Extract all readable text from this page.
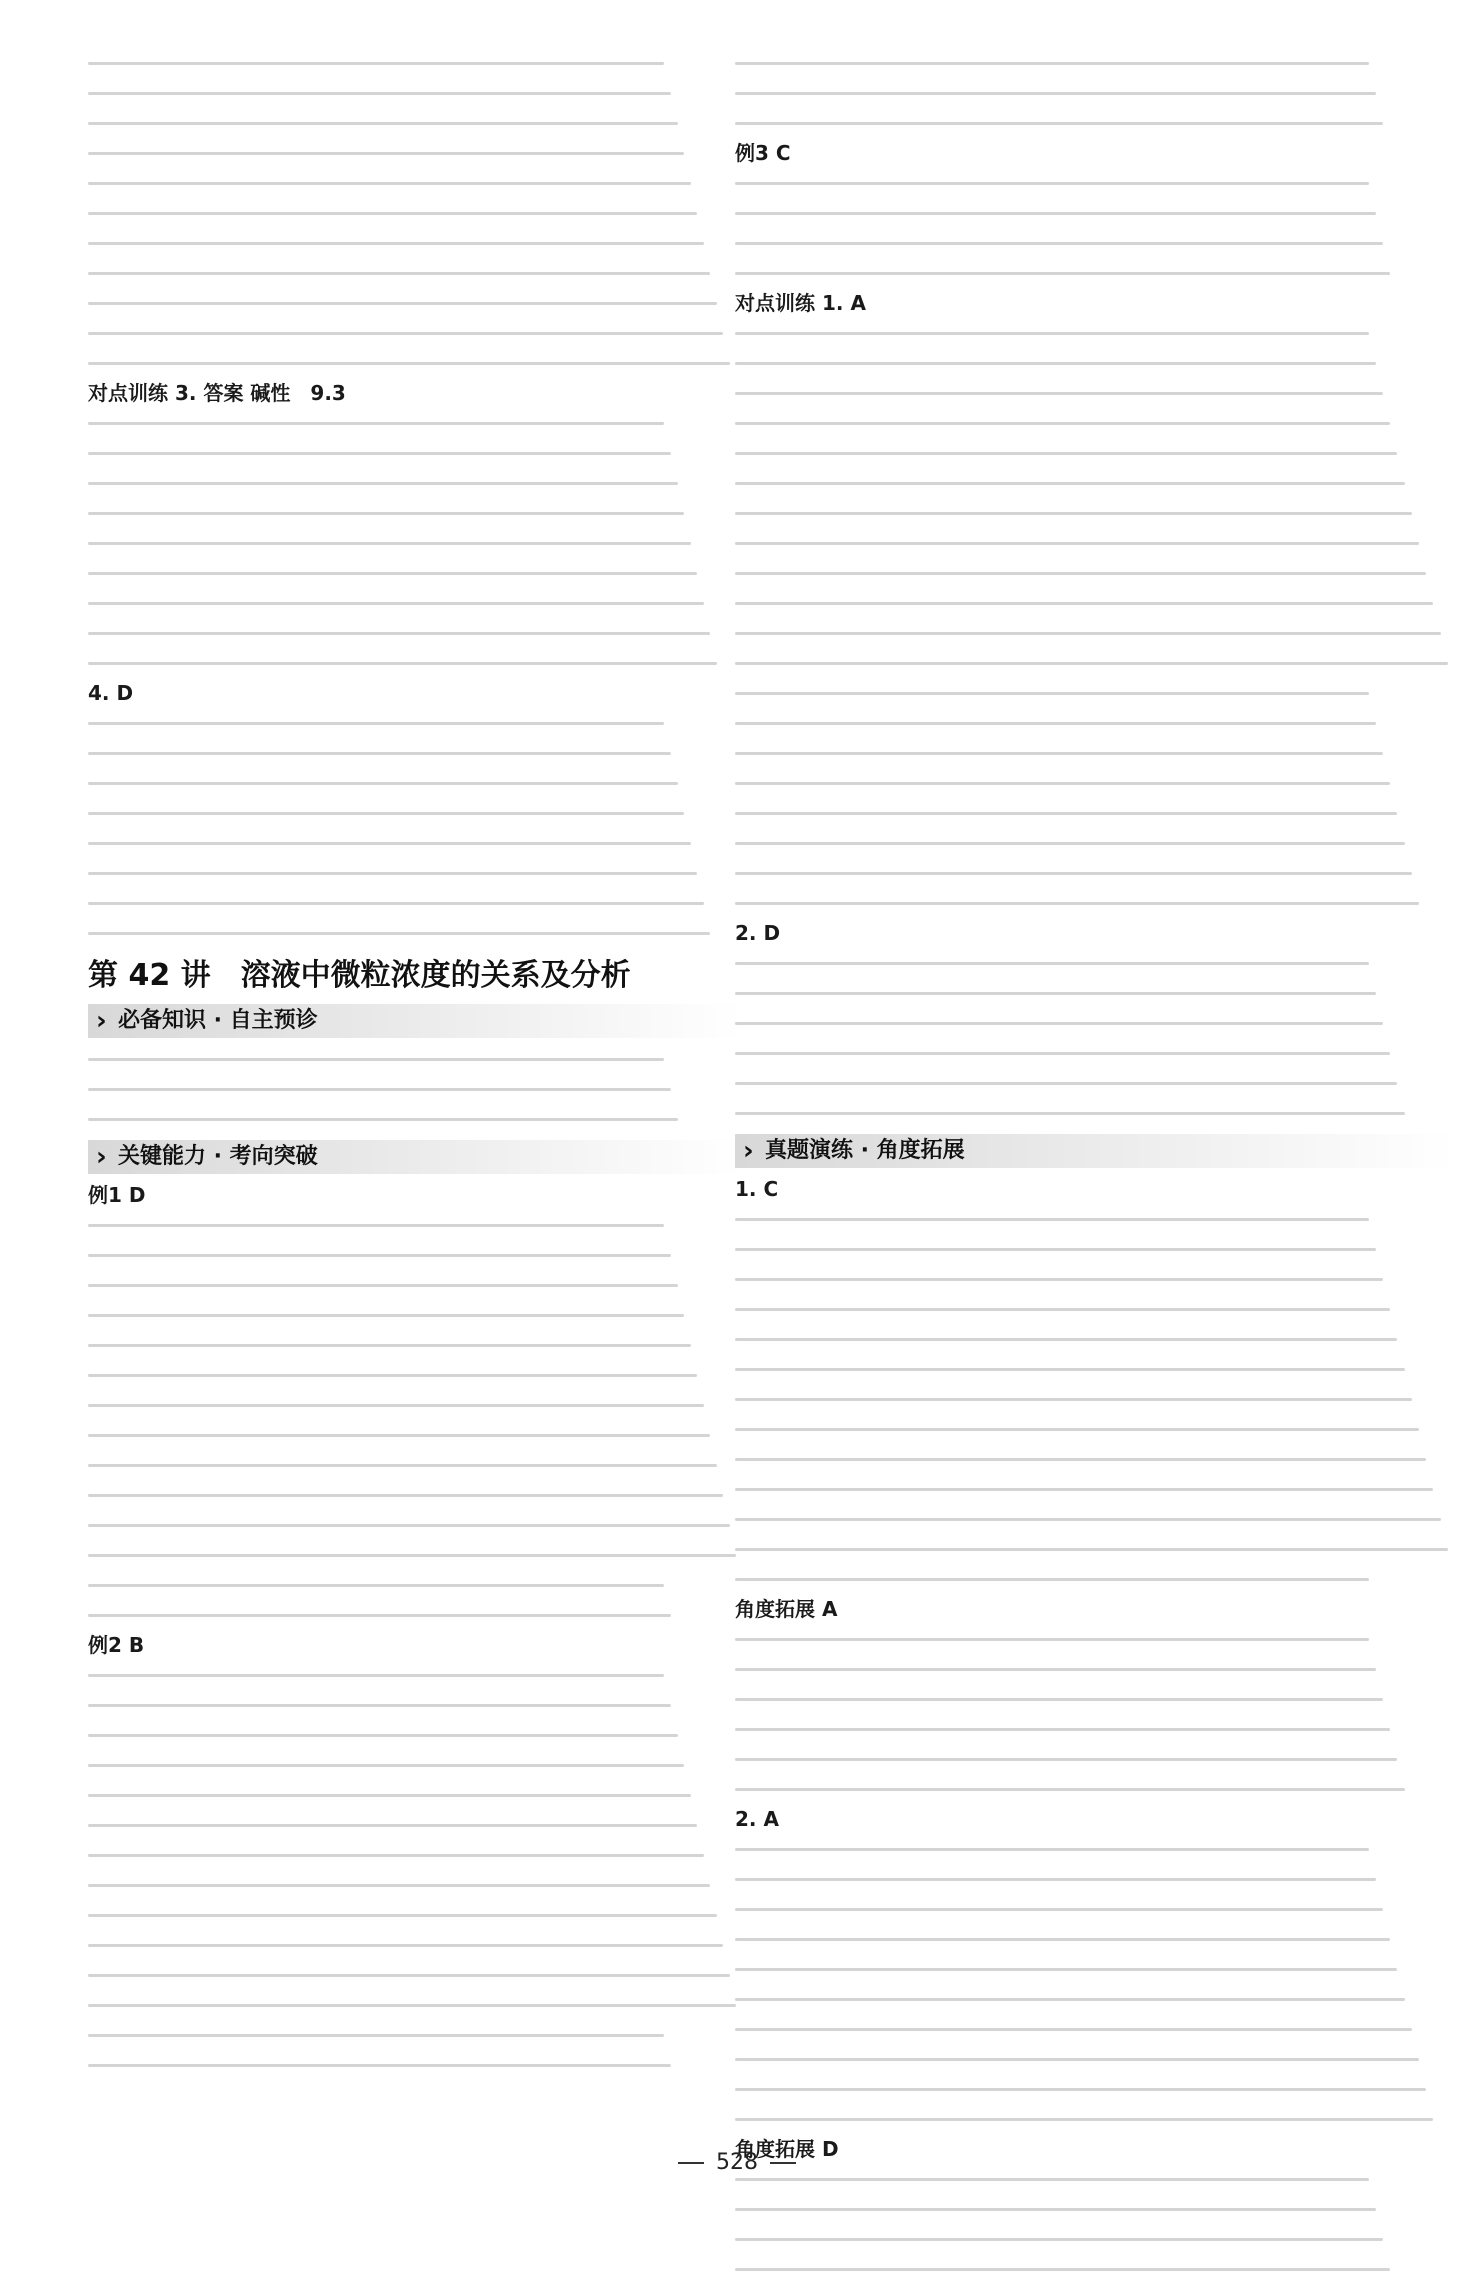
对点训练 3. 答案 碱性　9.3
4. D
第 42 讲　溶液中微粒浓度的关系及分析
› 必备知识 · 自主预诊
› 关键能力 · 考向突破
例1 D
例2 B
例3 C
对点训练 1. A
2. D
› 真题演练 · 角度拓展
1. C
角度拓展 A
2. A
角度拓展 D
528
